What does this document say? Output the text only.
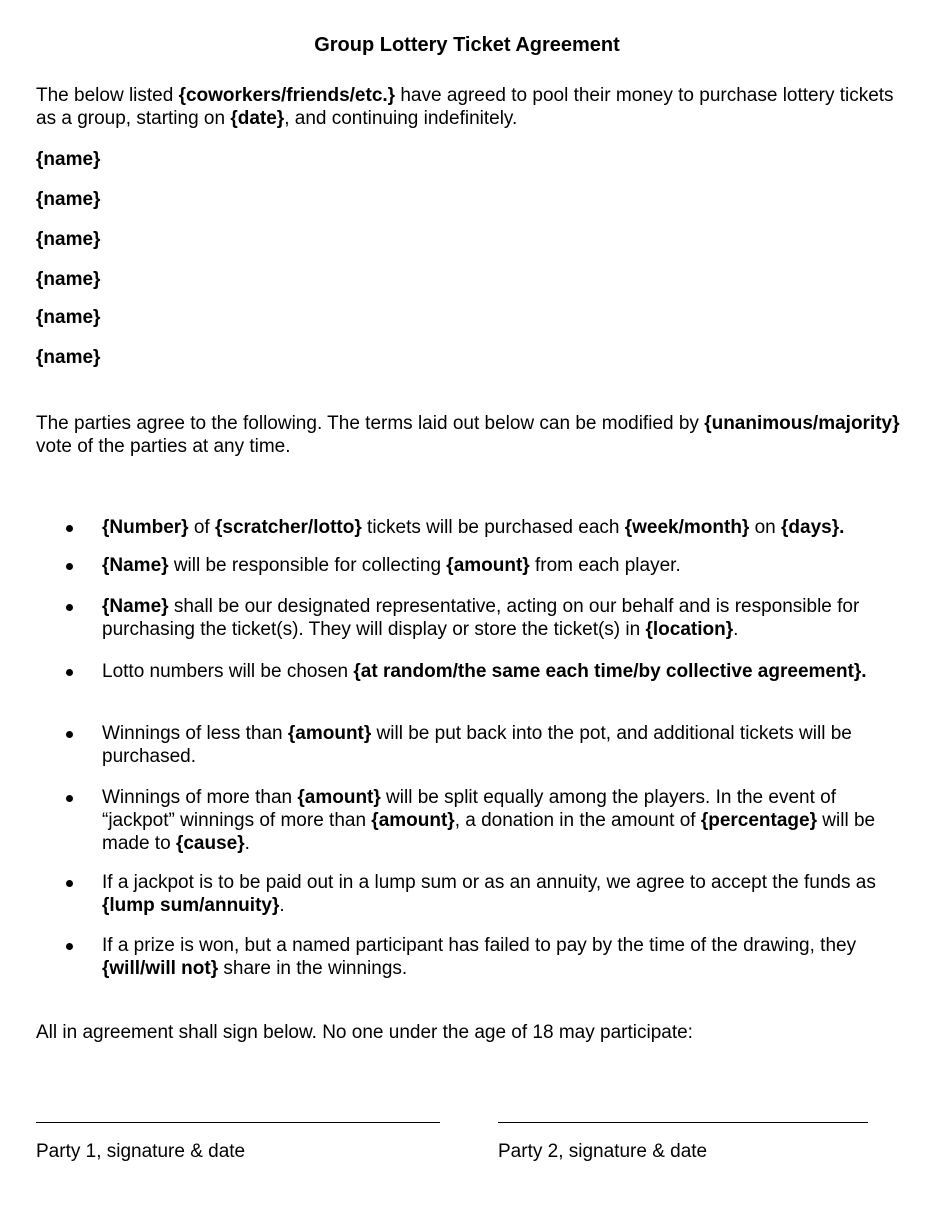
Group Lottery Ticket Agreement
The below listed {coworkers/friends/etc.} have agreed to pool their money to purchase lottery tickets as a group, starting on {date}, and continuing indefinitely.
{name}
{name}
{name}
{name}
{name}
{name}
The parties agree to the following. The terms laid out below can be modified by {unanimous/majority} vote of the parties at any time.
{Number} of {scratcher/lotto} tickets will be purchased each {week/month} on {days}.
{Name} will be responsible for collecting {amount} from each player.
{Name} shall be our designated representative, acting on our behalf and is responsible for purchasing the ticket(s). They will display or store the ticket(s) in {location}.
Lotto numbers will be chosen {at random/the same each time/by collective agreement}.
Winnings of less than {amount} will be put back into the pot, and additional tickets will be purchased.
Winnings of more than {amount} will be split equally among the players. In the event of “jackpot” winnings of more than {amount}, a donation in the amount of {percentage} will be made to {cause}.
If a jackpot is to be paid out in a lump sum or as an annuity, we agree to accept the funds as {lump sum/annuity}.
If a prize is won, but a named participant has failed to pay by the time of the drawing, they {will/will not} share in the winnings.
All in agreement shall sign below. No one under the age of 18 may participate:
Party 1, signature & date	Party 2, signature & date
